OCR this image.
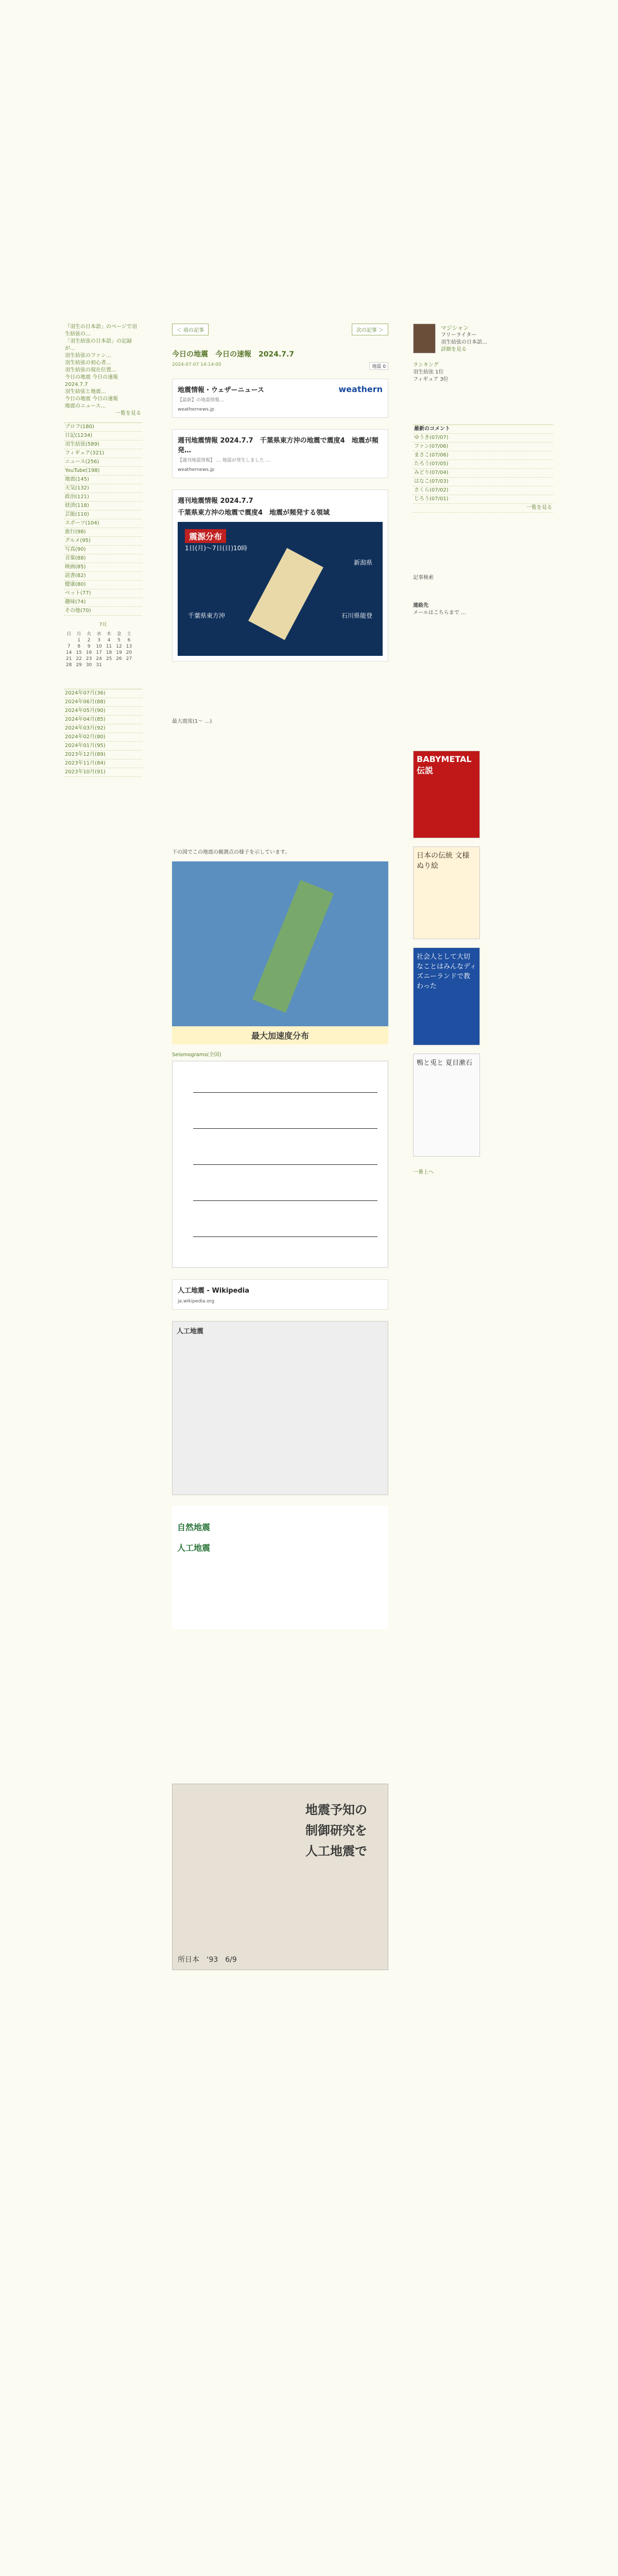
『羽生の日本語」のページで羽生結弦の…
「羽生結弦の日本語」の記録が…
羽生結弦のファン…
羽生結弦の初心者…
羽生結弦の現在位置…
今日の地震 今日の速報 2024.7.7
羽生結弦と地震…
今日の地震 今日の速報
地震のニュース…
一覧を見る
プロフ(180)
日記(1234)
羽生結弦(589)
フィギュア(321)
ニュース(256)
YouTube(198)
地震(145)
天気(132)
政治(121)
経済(118)
芸能(110)
スポーツ(104)
旅行(98)
グルメ(95)
写真(90)
音楽(88)
映画(85)
読書(82)
健康(80)
ペット(77)
趣味(74)
その他(70)
7月
日	月	火	水	木	金	土
	1	2	3	4	5	6
7	8	9	10	11	12	13
14	15	16	17	18	19	20
21	22	23	24	25	26	27
28	29	30	31			
2024年07月(36)
2024年06月(88)
2024年05月(90)
2024年04月(85)
2024年03月(92)
2024年02月(80)
2024年01月(95)
2023年12月(89)
2023年11月(84)
2023年10月(91)
＜ 前の記事	次の記事 ＞
今日の地震　今日の速報　2024.7.7
2024-07-07 14:14:00	地震 0
地震情報・ウェザーニュース
【最新】の地震情報…
weathern
weathernews.jp
週刊地震情報 2024.7.7　千葉県東方沖の地震で震度4　地震が頻発…
【週刊地震情報】 … 地震が発生しました …
weathernews.jp
週刊地震情報 2024.7.7
千葉県東方沖の地震で震度4　地震が頻発する領域
震源分布
1日(月)〜7日(日)10時
新潟県
千葉県東方沖	石川県能登
最大震度(1〜 …)
下の図でこの地震の観測点の様子を示しています。
最大加速度分布
Seismograms(全国)
人工地震 - Wikipedia
ja.wikipedia.org
人工地震
自然地震
人工地震
地震予知の
制御研究を
人工地震で
所日本　‘93　6/9
マジシャン
フリーライター
羽生結弦の日本語…
詳細を見る
ランキング
羽生結弦 1位
フィギュア 3位
最新のコメント
ゆうき(07/07)
ファン(07/06)
まさこ(07/06)
たろう(07/05)
みどり(07/04)
はなこ(07/03)
さくら(07/02)
じろう(07/01)
一覧を見る
記事検索
連絡先
メールはこちらまで …
BABYMETAL 伝説
日本の伝統 文様 ぬり絵
社会人として大切なことはみんなディズニーランドで教わった
鴨と兎と 夏目漱石
一番上へ
